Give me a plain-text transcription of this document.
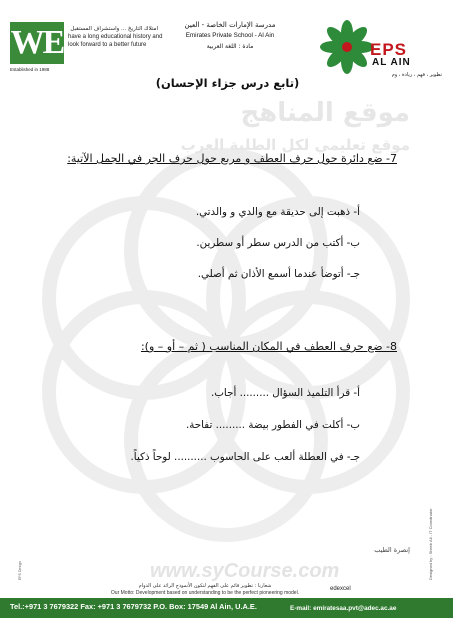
WE
Established in 1988
امتلاك التاريخ ... واستشراف المستقبل
have a long educational history and look forward to a better future
مدرسة الإمارات الخاصة - العين
Emirates Private School - Al Ain
مادة : اللغة العربية	EPS
AL AIN
تطوير ، فهم ، ريادة ، وم
موقع المناهج
موقع تعليمي لكل الطلبة العرب
(تابع درس جزاء الإحسان)
7- ضع دائرة حول حرف العطف و مربع حول حرف الجر في الجمل الآتية:
أ- ذهبت إلى حديقة مع والدي و والدتي.
ب- أكتب من الدرس سطر أو سطرين.
جـ- أتوضأ عندما أسمع الأذان ثم أصلي.
8- ضع حرف العطف في المكان المناسب ( ثم – أو – و):
أ- قرأ التلميذ السؤال ......... أجاب.
ب- أكلت في الفطور بيضة ......... تفاحة.
جـ- في العطلة ألعب على الحاسوب .......... لوحاً ذكياً.
إنصرة الطيب
www.syCourse.com
شعارنا : تطوير قائم على الفهم لتكون الأنموذج الرائد على الدوام
Our Motto: Development based on understanding to be the perfect pioneering model.
edexcel
EPS Design	Designed by : Sheeb Ali - IT Coordinator
Tel.:+971 3 7679322 Fax: +971 3 7679732 P.O. Box: 17549 Al Ain, U.A.E.	E-mail: emiratesaa.pvt@adec.ac.ae
